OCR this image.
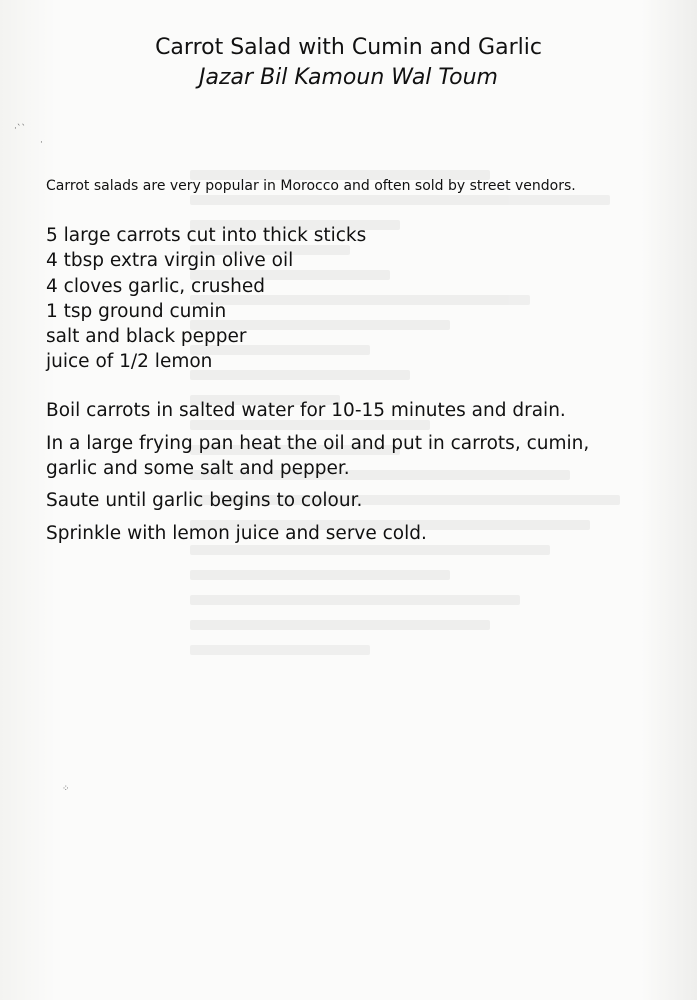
·ˋ`
·
Carrot Salad with Cumin and Garlic
Jazar Bil Kamoun Wal Toum
Carrot salads are very popular in Morocco and often sold by street vendors.
5 large carrots cut into thick sticks
4 tbsp extra virgin olive oil
4 cloves garlic, crushed
1 tsp ground cumin
salt and black pepper
juice of 1/2 lemon

Boil carrots in salted water for 10-15 minutes and drain.

In a large frying pan heat the oil and put in carrots, cumin, garlic and some salt and pepper.

Saute until garlic begins to colour.

Sprinkle with lemon juice and serve cold.

⁘
